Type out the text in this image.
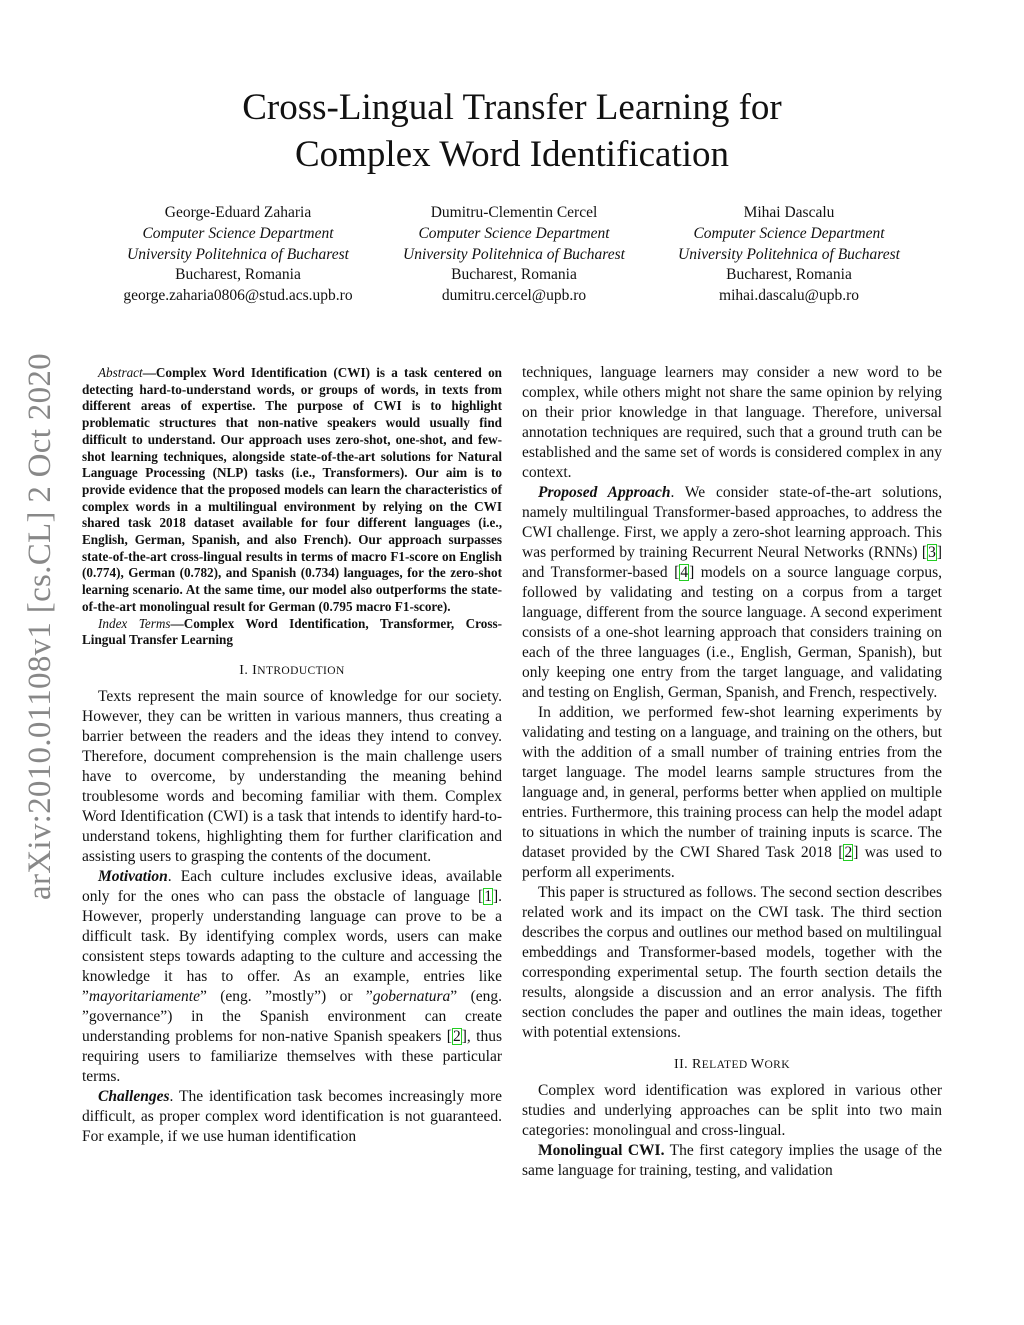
Cross-Lingual Transfer Learning for
Complex Word Identification
George-Eduard Zaharia
Computer Science Department
University Politehnica of Bucharest
Bucharest, Romania
george.zaharia0806@stud.acs.upb.ro
Dumitru-Clementin Cercel
Computer Science Department
University Politehnica of Bucharest
Bucharest, Romania
dumitru.cercel@upb.ro
Mihai Dascalu
Computer Science Department
University Politehnica of Bucharest
Bucharest, Romania
mihai.dascalu@upb.ro
arXiv:2010.01108v1 [cs.CL] 2 Oct 2020	Abstract—Complex Word Identification (CWI) is a task centered on detecting hard-to-understand words, or groups of words, in texts from different areas of expertise. The purpose of CWI is to highlight problematic structures that non-native speakers would usually find difficult to understand. Our approach uses zero-shot, one-shot, and few-shot learning techniques, alongside state-of-the-art solutions for Natural Language Processing (NLP) tasks (i.e., Transformers). Our aim is to provide evidence that the proposed models can learn the characteristics of complex words in a multilingual environment by relying on the CWI shared task 2018 dataset available for four different languages (i.e., English, German, Spanish, and also French). Our approach surpasses state-of-the-art cross-lingual results in terms of macro F1-score on English (0.774), German (0.782), and Spanish (0.734) languages, for the zero-shot learning scenario. At the same time, our model also outperforms the state-of-the-art monolingual result for German (0.795 macro F1-score).

Index Terms—Complex Word Identification, Transformer, Cross-Lingual Transfer Learning

I. INTRODUCTION

Texts represent the main source of knowledge for our society. However, they can be written in various manners, thus creating a barrier between the readers and the ideas they intend to convey. Therefore, document comprehension is the main challenge users have to overcome, by understanding the meaning behind troublesome words and becoming familiar with them. Complex Word Identification (CWI) is a task that intends to identify hard-to-understand tokens, highlighting them for further clarification and assisting users to grasping the contents of the document.

Motivation. Each culture includes exclusive ideas, available only for the ones who can pass the obstacle of language [1]. However, properly understanding language can prove to be a difficult task. By identifying complex words, users can make consistent steps towards adapting to the culture and accessing the knowledge it has to offer. As an example, entries like ”mayoritariamente” (eng. ”mostly”) or ”gobernatura” (eng. ”governance”) in the Spanish environment can create understanding problems for non-native Spanish speakers [2], thus requiring users to familiarize themselves with these particular terms.

Challenges. The identification task becomes increasingly more difficult, as proper complex word identification is not guaranteed. For example, if we use human identification

techniques, language learners may consider a new word to be complex, while others might not share the same opinion by relying on their prior knowledge in that language. Therefore, universal annotation techniques are required, such that a ground truth can be established and the same set of words is considered complex in any context.

Proposed Approach. We consider state-of-the-art solutions, namely multilingual Transformer-based approaches, to address the CWI challenge. First, we apply a zero-shot learning approach. This was performed by training Recurrent Neural Networks (RNNs) [3] and Transformer-based [4] models on a source language corpus, followed by validating and testing on a corpus from a target language, different from the source language. A second experiment consists of a one-shot learning approach that considers training on each of the three languages (i.e., English, German, Spanish), but only keeping one entry from the target language, and validating and testing on English, German, Spanish, and French, respectively.

In addition, we performed few-shot learning experiments by validating and testing on a language, and training on the others, but with the addition of a small number of training entries from the target language. The model learns sample structures from the language and, in general, performs better when applied on multiple entries. Furthermore, this training process can help the model adapt to situations in which the number of training inputs is scarce. The dataset provided by the CWI Shared Task 2018 [2] was used to perform all experiments.

This paper is structured as follows. The second section describes related work and its impact on the CWI task. The third section describes the corpus and outlines our method based on multilingual embeddings and Transformer-based models, together with the corresponding experimental setup. The fourth section details the results, alongside a discussion and an error analysis. The fifth section concludes the paper and outlines the main ideas, together with potential extensions.

II. RELATED WORK

Complex word identification was explored in various other studies and underlying approaches can be split into two main categories: monolingual and cross-lingual.

Monolingual CWI. The first category implies the usage of the same language for training, testing, and validation
